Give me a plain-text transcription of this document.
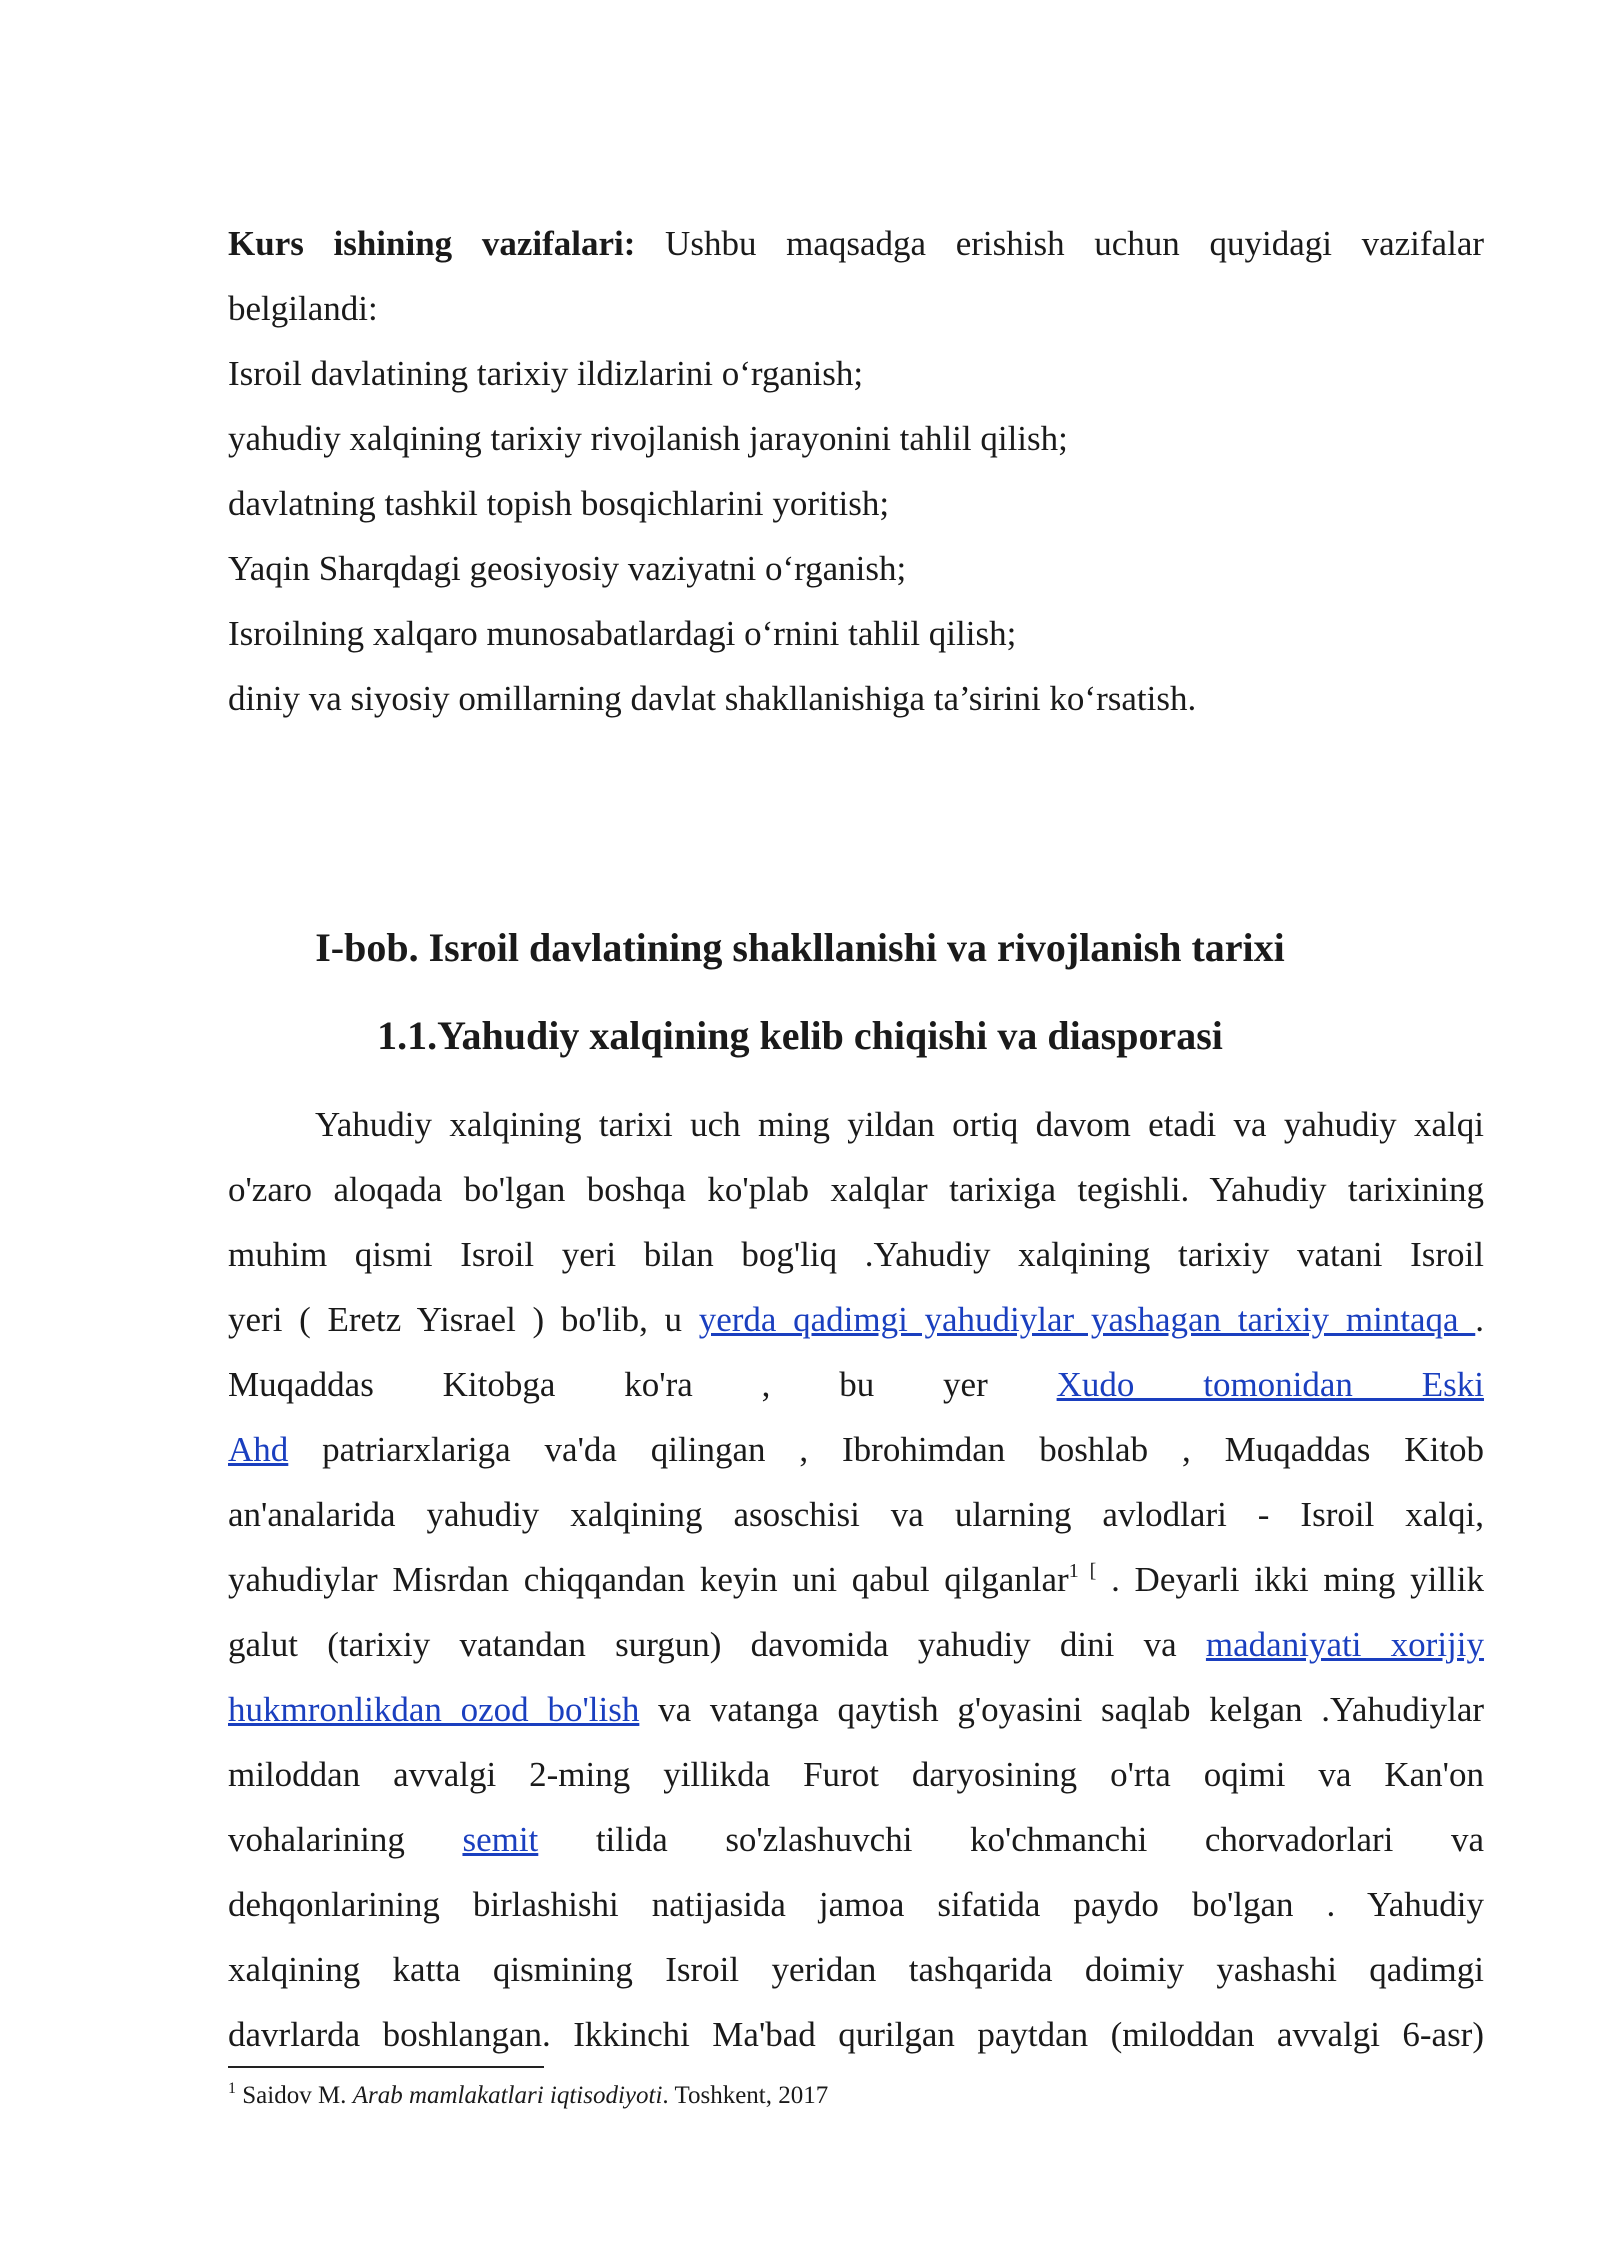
Kurs ishining vazifalari: Ushbu maqsadga erishish uchun quyidagi vazifalar

belgilandi:

Isroil davlatining tarixiy ildizlarini o‘rganish;

yahudiy xalqining tarixiy rivojlanish jarayonini tahlil qilish;

davlatning tashkil topish bosqichlarini yoritish;

Yaqin Sharqdagi geosiyosiy vaziyatni o‘rganish;

Isroilning xalqaro munosabatlardagi o‘rnini tahlil qilish;

diniy va siyosiy omillarning davlat shakllanishiga ta’sirini ko‘rsatish.

I-bob. Isroil davlatining shakllanishi va rivojlanish tarixi
1.1.Yahudiy xalqining kelib chiqishi va diasporasi

Yahudiy xalqining tarixi uch ming yildan ortiq davom etadi va yahudiy xalqi

o'zaro aloqada bo'lgan boshqa ko'plab xalqlar tarixiga tegishli. Yahudiy tarixining

muhim qismi Isroil yeri bilan bog'liq .Yahudiy xalqining tarixiy vatani Isroil

yeri ( Eretz Yisrael ) bo'lib, u yerda qadimgi yahudiylar yashagan tarixiy mintaqa .

Muqaddas Kitobga ko'ra , bu yer Xudo tomonidan Eski

Ahd patriarxlariga va'da qilingan , Ibrohimdan boshlab , Muqaddas Kitob

an'analarida yahudiy xalqining asoschisi va ularning avlodlari - Isroil xalqi,

yahudiylar Misrdan chiqqandan keyin uni qabul qilganlar$^{1 [}$ . Deyarli ikki ming yillik

galut (tarixiy vatandan surgun) davomida yahudiy dini va madaniyati xorijiy

hukmronlikdan ozod bo'lish va vatanga qaytish g'oyasini saqlab kelgan .Yahudiylar

miloddan avvalgi 2-ming yillikda Furot daryosining o'rta oqimi va Kan'on

vohalarining semit tilida so'zlashuvchi ko'chmanchi chorvadorlari va

dehqonlarining birlashishi natijasida jamoa sifatida paydo bo'lgan . Yahudiy

xalqining katta qismining Isroil yeridan tashqarida doimiy yashashi qadimgi

davrlarda boshlangan. Ikkinchi Ma'bad qurilgan paytdan (miloddan avvalgi 6-asr)

$^1$ Saidov M. Arab mamlakatlari iqtisodiyoti. Toshkent, 2017
